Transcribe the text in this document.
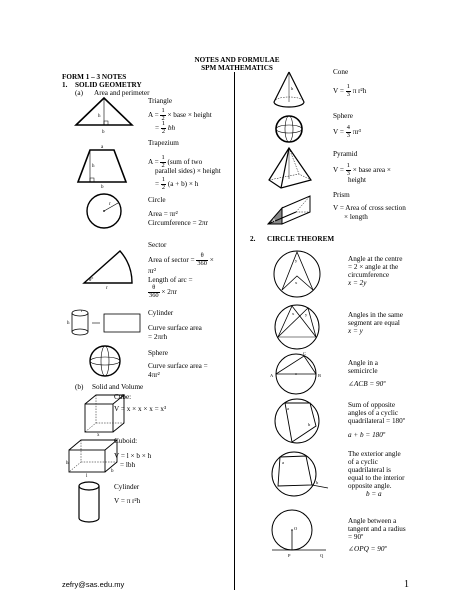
NOTES AND FORMULAE
SPM MATHEMATICS
FORM 1 – 3 NOTES
1. SOLID GEOMETRY
(a) Area and perimeter
h
b
Triangle
$A = \frac{1}{2}$ × base × height
= $\frac{1}{2}$ bh
Trapezium
a
h
b
$A = \frac{1}{2} (sum$ of two
parallel sides) × height
= $\frac{1}{2} (a + b) \times h$
r
Circle
Area = πr²
Circumference = 2πr
Sector
θ°
r
Area of sector = $\frac{\theta}{360}$ ×
πr²
Length of arc =
$\frac{\theta}{360} \times 2\pi r$
h
r	Cylinder
Curve surface area
= 2πrh
Sphere
Curve surface area =
4πr²
(b) Solid and Volume
x
Cube:
V = x × x × x = x³
l
b
h
Cuboid:
V = l × b × h
= lbh
Cylinder
V = π r²h
h
Cone
$V = \frac{1}{3}$ π r²h
Sphere
$V = \frac{4}{3} \pi r^3$
Pyramid
$V = \frac{1}{3}$ × base area ×
height
A
Prism
V = Area of cross section
× length
2. CIRCLE THEOREM
y
x
Angle at the centre
= 2 × angle at the
circumference
x = 2y
x y	Angles in the same
segment are equal
x = y
A	B
C
Angle in a
semicircle
∠ACB = 90º
a
b
Sum of opposite
angles of a cyclic
quadrilateral = 180º
a + b = 180º
a
b
The exterior angle
of a cyclic
quadrilateral is
equal to the interior
opposite angle.
b = a
O
P	Q
Angle between a
tangent and a radius
= 90º
∠OPQ = 90º
zefry@sas.edu.my	1
